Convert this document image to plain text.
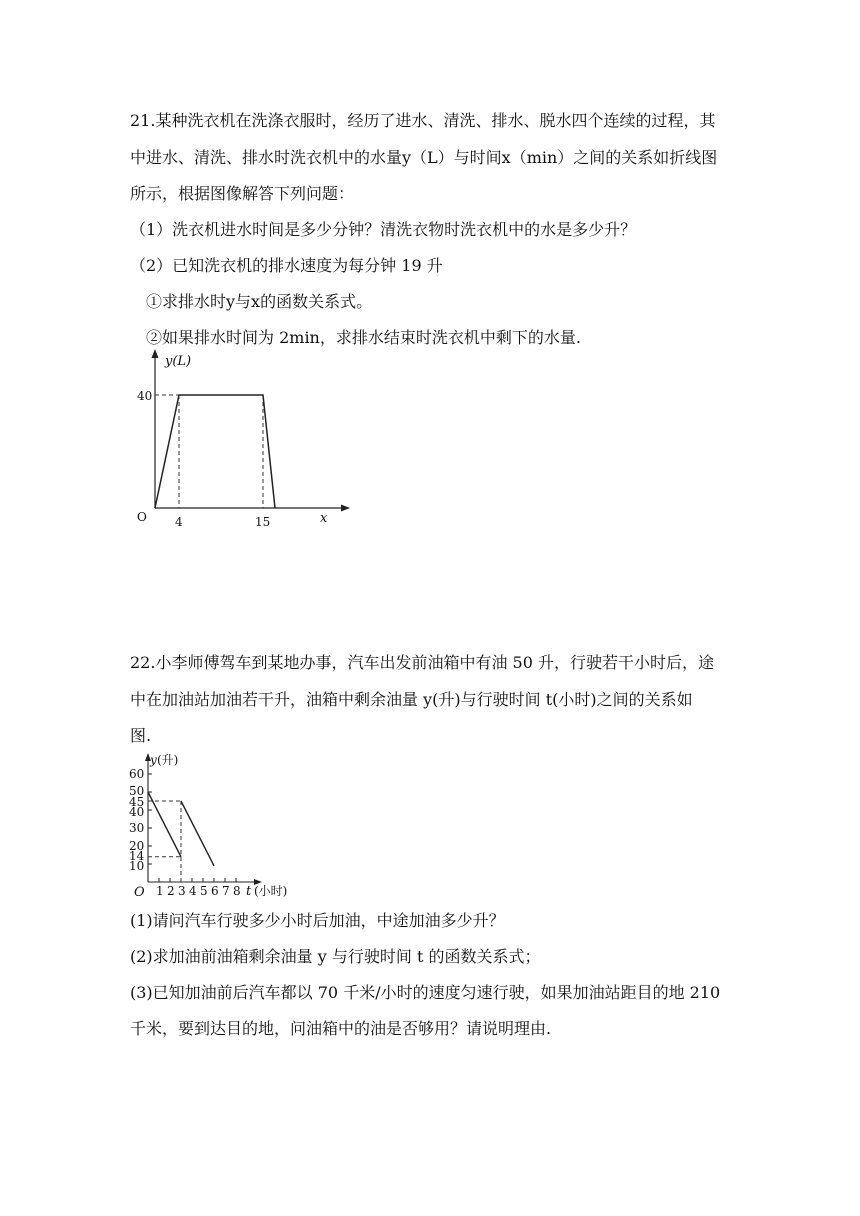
21.某种洗衣机在洗涤衣服时，经历了进水、清洗、排水、脱水四个连续的过程，其
中进水、清洗、排水时洗衣机中的水量y（L）与时间x（min）之间的关系如折线图
所示，根据图像解答下列问题：
（1）洗衣机进水时间是多少分钟？清洗衣物时洗衣机中的水是多少升？
（2）已知洗衣机的排水速度为每分钟 19 升
①求排水时y与x的函数关系式。
②如果排水时间为 2min，求排水结束时洗衣机中剩下的水量.
y(L)
40
O 4	15	x
22.小李师傅驾车到某地办事，汽车出发前油箱中有油 50 升，行驶若干小时后，途
中在加油站加油若干升，油箱中剩余油量 y(升)与行驶时间 t(小时)之间的关系如
图.
y (升)
60
50
45
40
30
20
14
10
O 1 2 3 4 5 6 7 8 t (小时)
(1)请问汽车行驶多少小时后加油，中途加油多少升？
(2)求加油前油箱剩余油量 y 与行驶时间 t 的函数关系式；
(3)已知加油前后汽车都以 70 千米/小时的速度匀速行驶，如果加油站距目的地 210
千米，要到达目的地，问油箱中的油是否够用？请说明理由.
